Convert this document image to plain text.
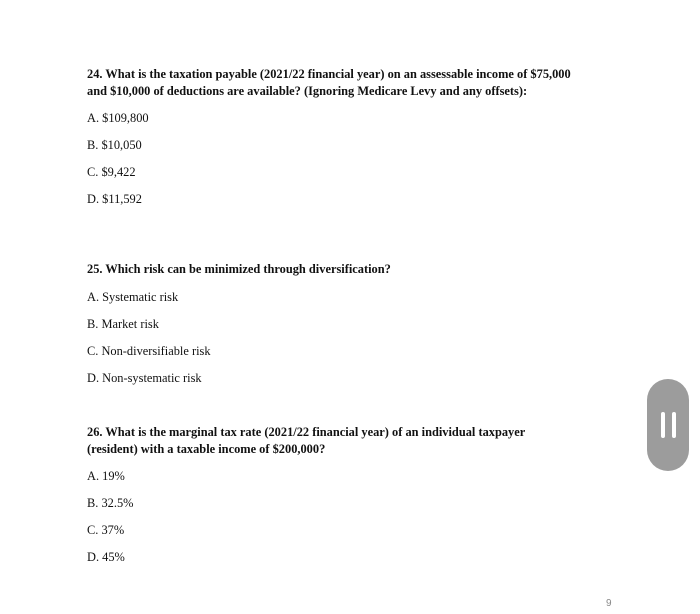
24. What is the taxation payable (2021/22 financial year) on an assessable income of $75,000 and $10,000 of deductions are available? (Ignoring Medicare Levy and any offsets):

A. $109,800
B. $10,050
C. $9,422
D. $11,592

25. Which risk can be minimized through diversification?

A. Systematic risk
B. Market risk
C. Non-diversifiable risk
D. Non-systematic risk

26. What is the marginal tax rate (2021/22 financial year) of an individual taxpayer (resident) with a taxable income of $200,000?

A. 19%
B. 32.5%
C. 37%
D. 45%
9
